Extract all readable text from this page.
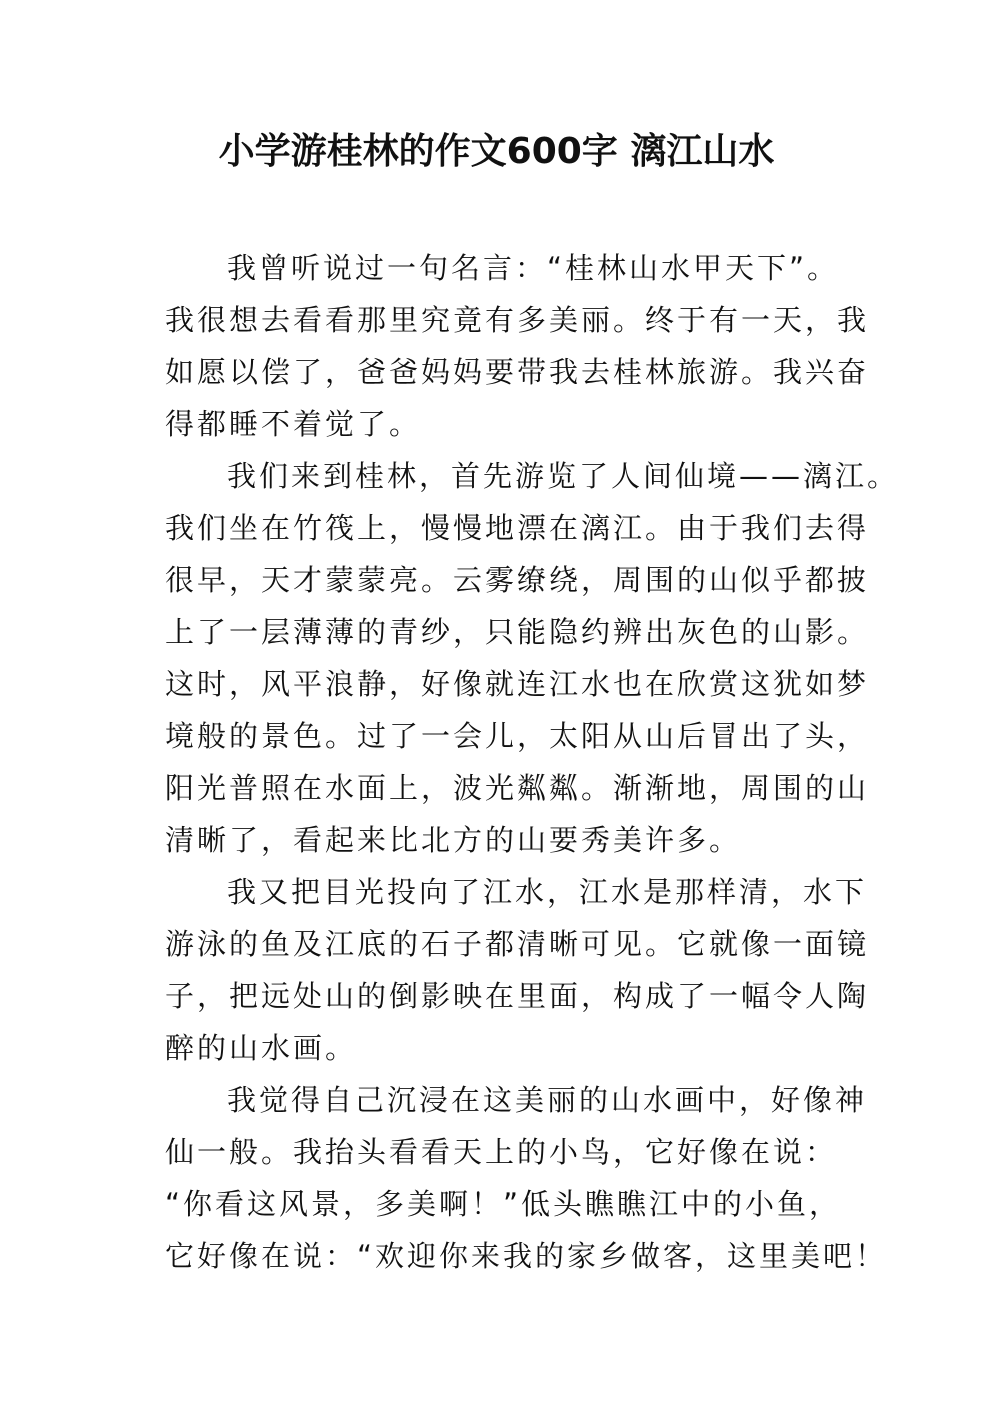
小学游桂林的作文600字 漓江山水
我曾听说过一句名言：“桂林山水甲天下”。
我很想去看看那里究竟有多美丽。终于有一天，我
如愿以偿了，爸爸妈妈要带我去桂林旅游。我兴奋
得都睡不着觉了。
我们来到桂林，首先游览了人间仙境——漓江。
我们坐在竹筏上，慢慢地漂在漓江。由于我们去得
很早，天才蒙蒙亮。云雾缭绕，周围的山似乎都披
上了一层薄薄的青纱，只能隐约辨出灰色的山影。
这时，风平浪静，好像就连江水也在欣赏这犹如梦
境般的景色。过了一会儿，太阳从山后冒出了头，
阳光普照在水面上，波光粼粼。渐渐地，周围的山
清晰了，看起来比北方的山要秀美许多。
我又把目光投向了江水，江水是那样清，水下
游泳的鱼及江底的石子都清晰可见。它就像一面镜
子，把远处山的倒影映在里面，构成了一幅令人陶
醉的山水画。
我觉得自己沉浸在这美丽的山水画中，好像神
仙一般。我抬头看看天上的小鸟，它好像在说：
“你看这风景，多美啊！”低头瞧瞧江中的小鱼，
它好像在说：“欢迎你来我的家乡做客，这里美吧！
